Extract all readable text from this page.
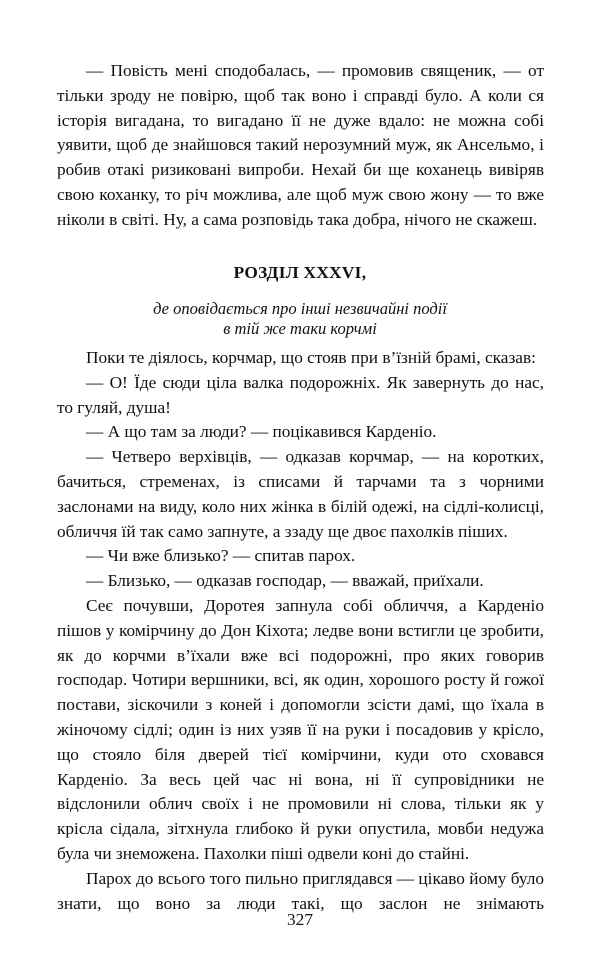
— Повість мені сподобалась, — промовив священик, — от тільки зроду не повірю, щоб так воно і справді було. А коли ся історія вигадана, то вигадано її не дуже вдало: не можна собі уявити, щоб де знайшовся такий нерозумний муж, як Ансельмо, і робив отакі ризиковані випроби. Нехай би ще коханець вивіряв свою коханку, то річ можлива, але щоб муж свою жону — то вже ніколи в світі. Ну, а сама розповідь така добра, нічого не скажеш.

РОЗДІЛ XXXVI,
де оповідається про інші незвичайні події
в тій же таки корчмі

Поки те діялось, корчмар, що стояв при в’їзній брамі, сказав:

— О! Їде сюди ціла валка подорожніх. Як завернуть до нас, то гуляй, душа!

— А що там за люди? — поцікавився Карденіо.

— Четверо верхівців, — одказав корчмар, — на коротких, бачиться, стременах, із списами й тарчами та з чорними заслонами на виду, коло них жінка в білій одежі, на сідлі-колисці, обличчя їй так само запнуте, а ззаду ще двоє пахолків піших.

— Чи вже близько? — спитав парох.

— Близько, — одказав господар, — вважай, приїхали.

Сеє почувши, Доротея запнула собі обличчя, а Карденіо пішов у комірчину до Дон Кіхота; ледве вони встигли це зробити, як до корчми в’їхали вже всі подорожні, про яких говорив господар. Чотири вершники, всі, як один, хорошого росту й гожої постави, зіскочили з коней і допомогли зсісти дамі, що їхала в жіночому сідлі; один із них узяв її на руки і посадовив у крісло, що стояло біля дверей тієї комірчини, куди ото сховався Карденіо. За весь цей час ні вона, ні її супровідники не відслонили облич своїх і не промовили ні слова, тільки як у крісла сідала, зітхнула глибоко й руки опустила, мовби недужа була чи знеможена. Пахолки піші одвели коні до стайні.

Парох до всього того пильно приглядався — цікаво йому було знати, що воно за люди такі, що заслон не знімають

327
